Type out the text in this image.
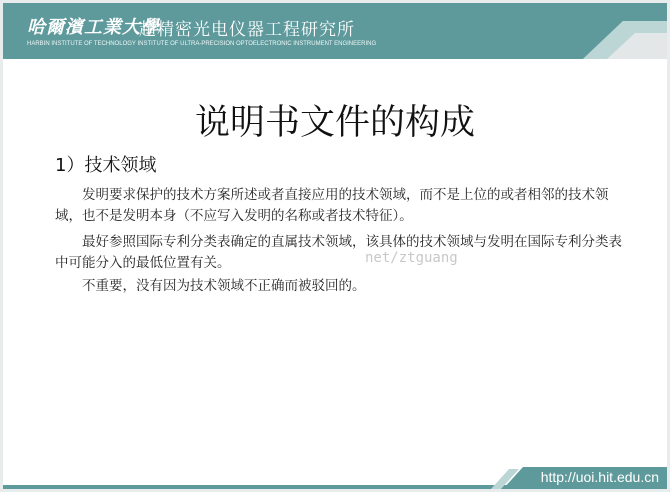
哈爾濱工業大學
超精密光电仪器工程研究所
HARBIN INSTITUTE OF TECHNOLOGY INSTITUTE OF ULTRA-PRECISION OPTOELECTRONIC INSTRUMENT ENGINEERING
说明书文件的构成
1）技术领域

发明要求保护的技术方案所述或者直接应用的技术领域，而不是上位的或者相邻的技术领域，也不是发明本身（不应写入发明的名称或者技术特征）。

最好参照国际专利分类表确定的直属技术领域，该具体的技术领域与发明在国际专利分类表中可能分入的最低位置有关。

不重要，没有因为技术领域不正确而被驳回的。

net/ztguang
http://uoi.hit.edu.cn
